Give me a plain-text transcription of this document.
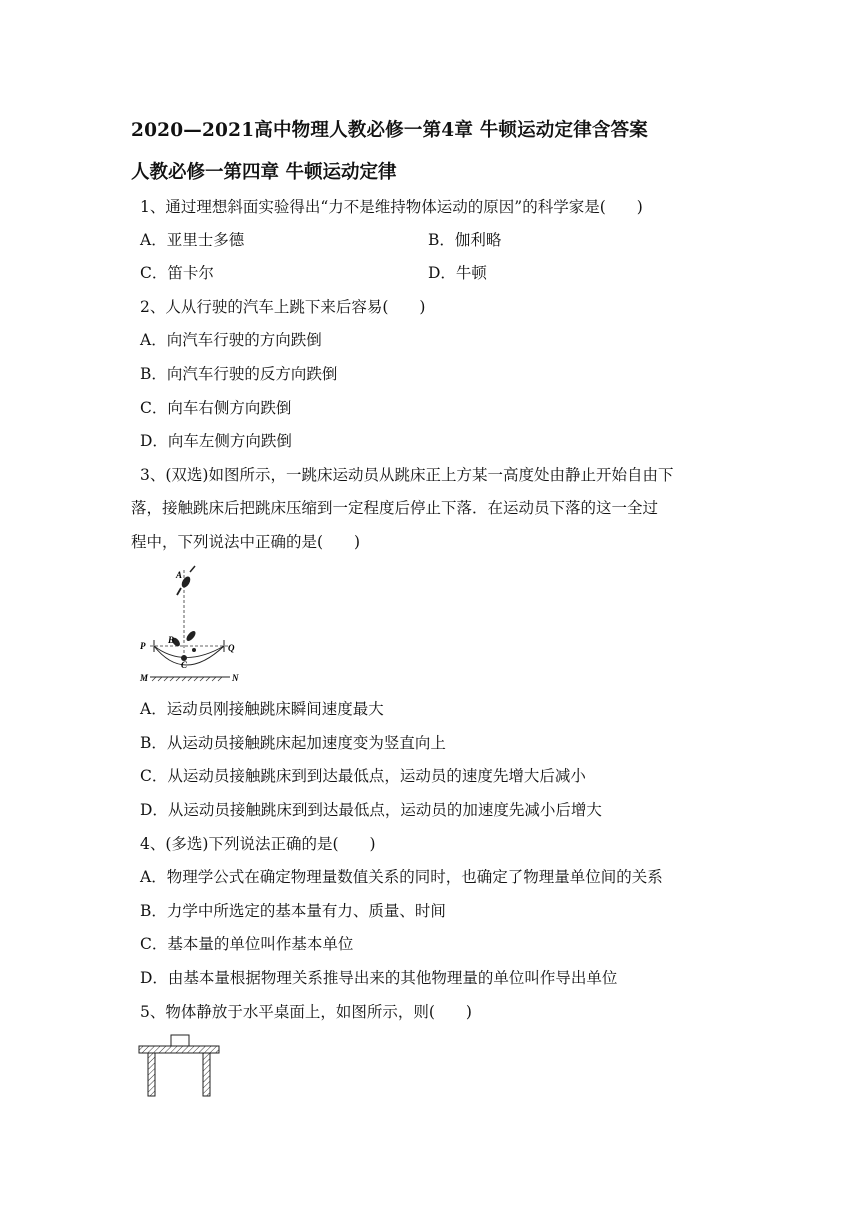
2020—2021高中物理人教必修一第4章 牛顿运动定律含答案
人教必修一第四章 牛顿运动定律
1、通过理想斜面实验得出“力不是维持物体运动的原因”的科学家是(　　)
A．亚里士多德	B．伽利略
C．笛卡尔	D．牛顿
2、人从行驶的汽车上跳下来后容易(　　)
A．向汽车行驶的方向跌倒
B．向汽车行驶的反方向跌倒
C．向车右侧方向跌倒
D．向车左侧方向跌倒
3、(双选)如图所示，一跳床运动员从跳床正上方某一高度处由静止开始自由下
落，接触跳床后把跳床压缩到一定程度后停止下落．在运动员下落的这一全过
程中，下列说法中正确的是(　　)
A
B
C
P	Q
M	N
A．运动员刚接触跳床瞬间速度最大
B．从运动员接触跳床起加速度变为竖直向上
C．从运动员接触跳床到到达最低点，运动员的速度先增大后减小
D．从运动员接触跳床到到达最低点，运动员的加速度先减小后增大
4、(多选)下列说法正确的是(　　)
A．物理学公式在确定物理量数值关系的同时，也确定了物理量单位间的关系
B．力学中所选定的基本量有力、质量、时间
C．基本量的单位叫作基本单位
D．由基本量根据物理关系推导出来的其他物理量的单位叫作导出单位
5、物体静放于水平桌面上，如图所示，则(　　)
